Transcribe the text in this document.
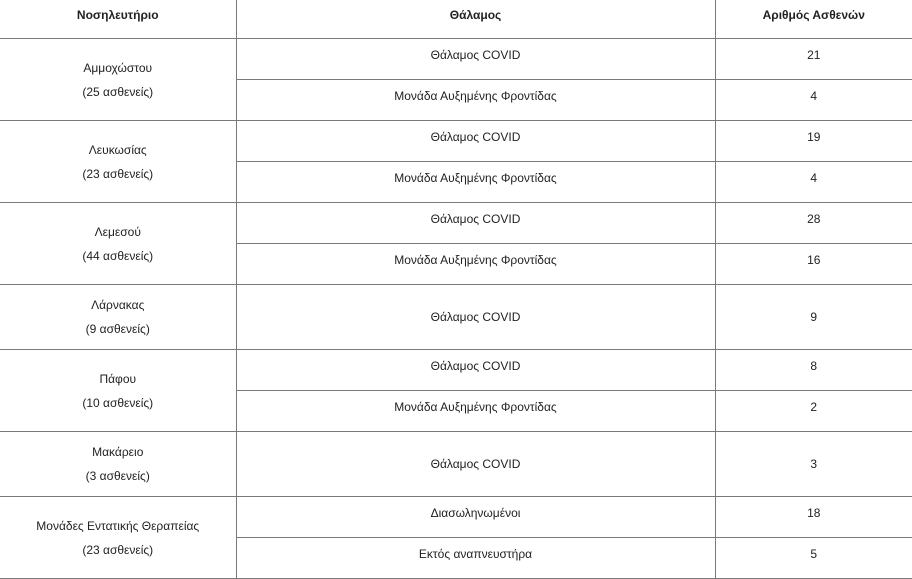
Νοσηλευτήριο	Θάλαμος	Αριθμός Ασθενών

Αμμοχώστου
(25 ασθενείς)	Θάλαμος COVID	21

	Μονάδα Αυξημένης Φροντίδας	4

Λευκωσίας
(23 ασθενείς)	Θάλαμος COVID	19

	Μονάδα Αυξημένης Φροντίδας	4

Λεμεσού
(44 ασθενείς)	Θάλαμος COVID	28

	Μονάδα Αυξημένης Φροντίδας	16

Λάρνακας
(9 ασθενείς)	Θάλαμος COVID	9

Πάφου
(10 ασθενείς)	Θάλαμος COVID	8

	Μονάδα Αυξημένης Φροντίδας	2

Μακάρειο
(3 ασθενείς)	Θάλαμος COVID	3

Μονάδες Εντατικής Θεραπείας
(23 ασθενείς)	Διασωληνωμένοι	18

	Εκτός αναπνευστήρα	5
